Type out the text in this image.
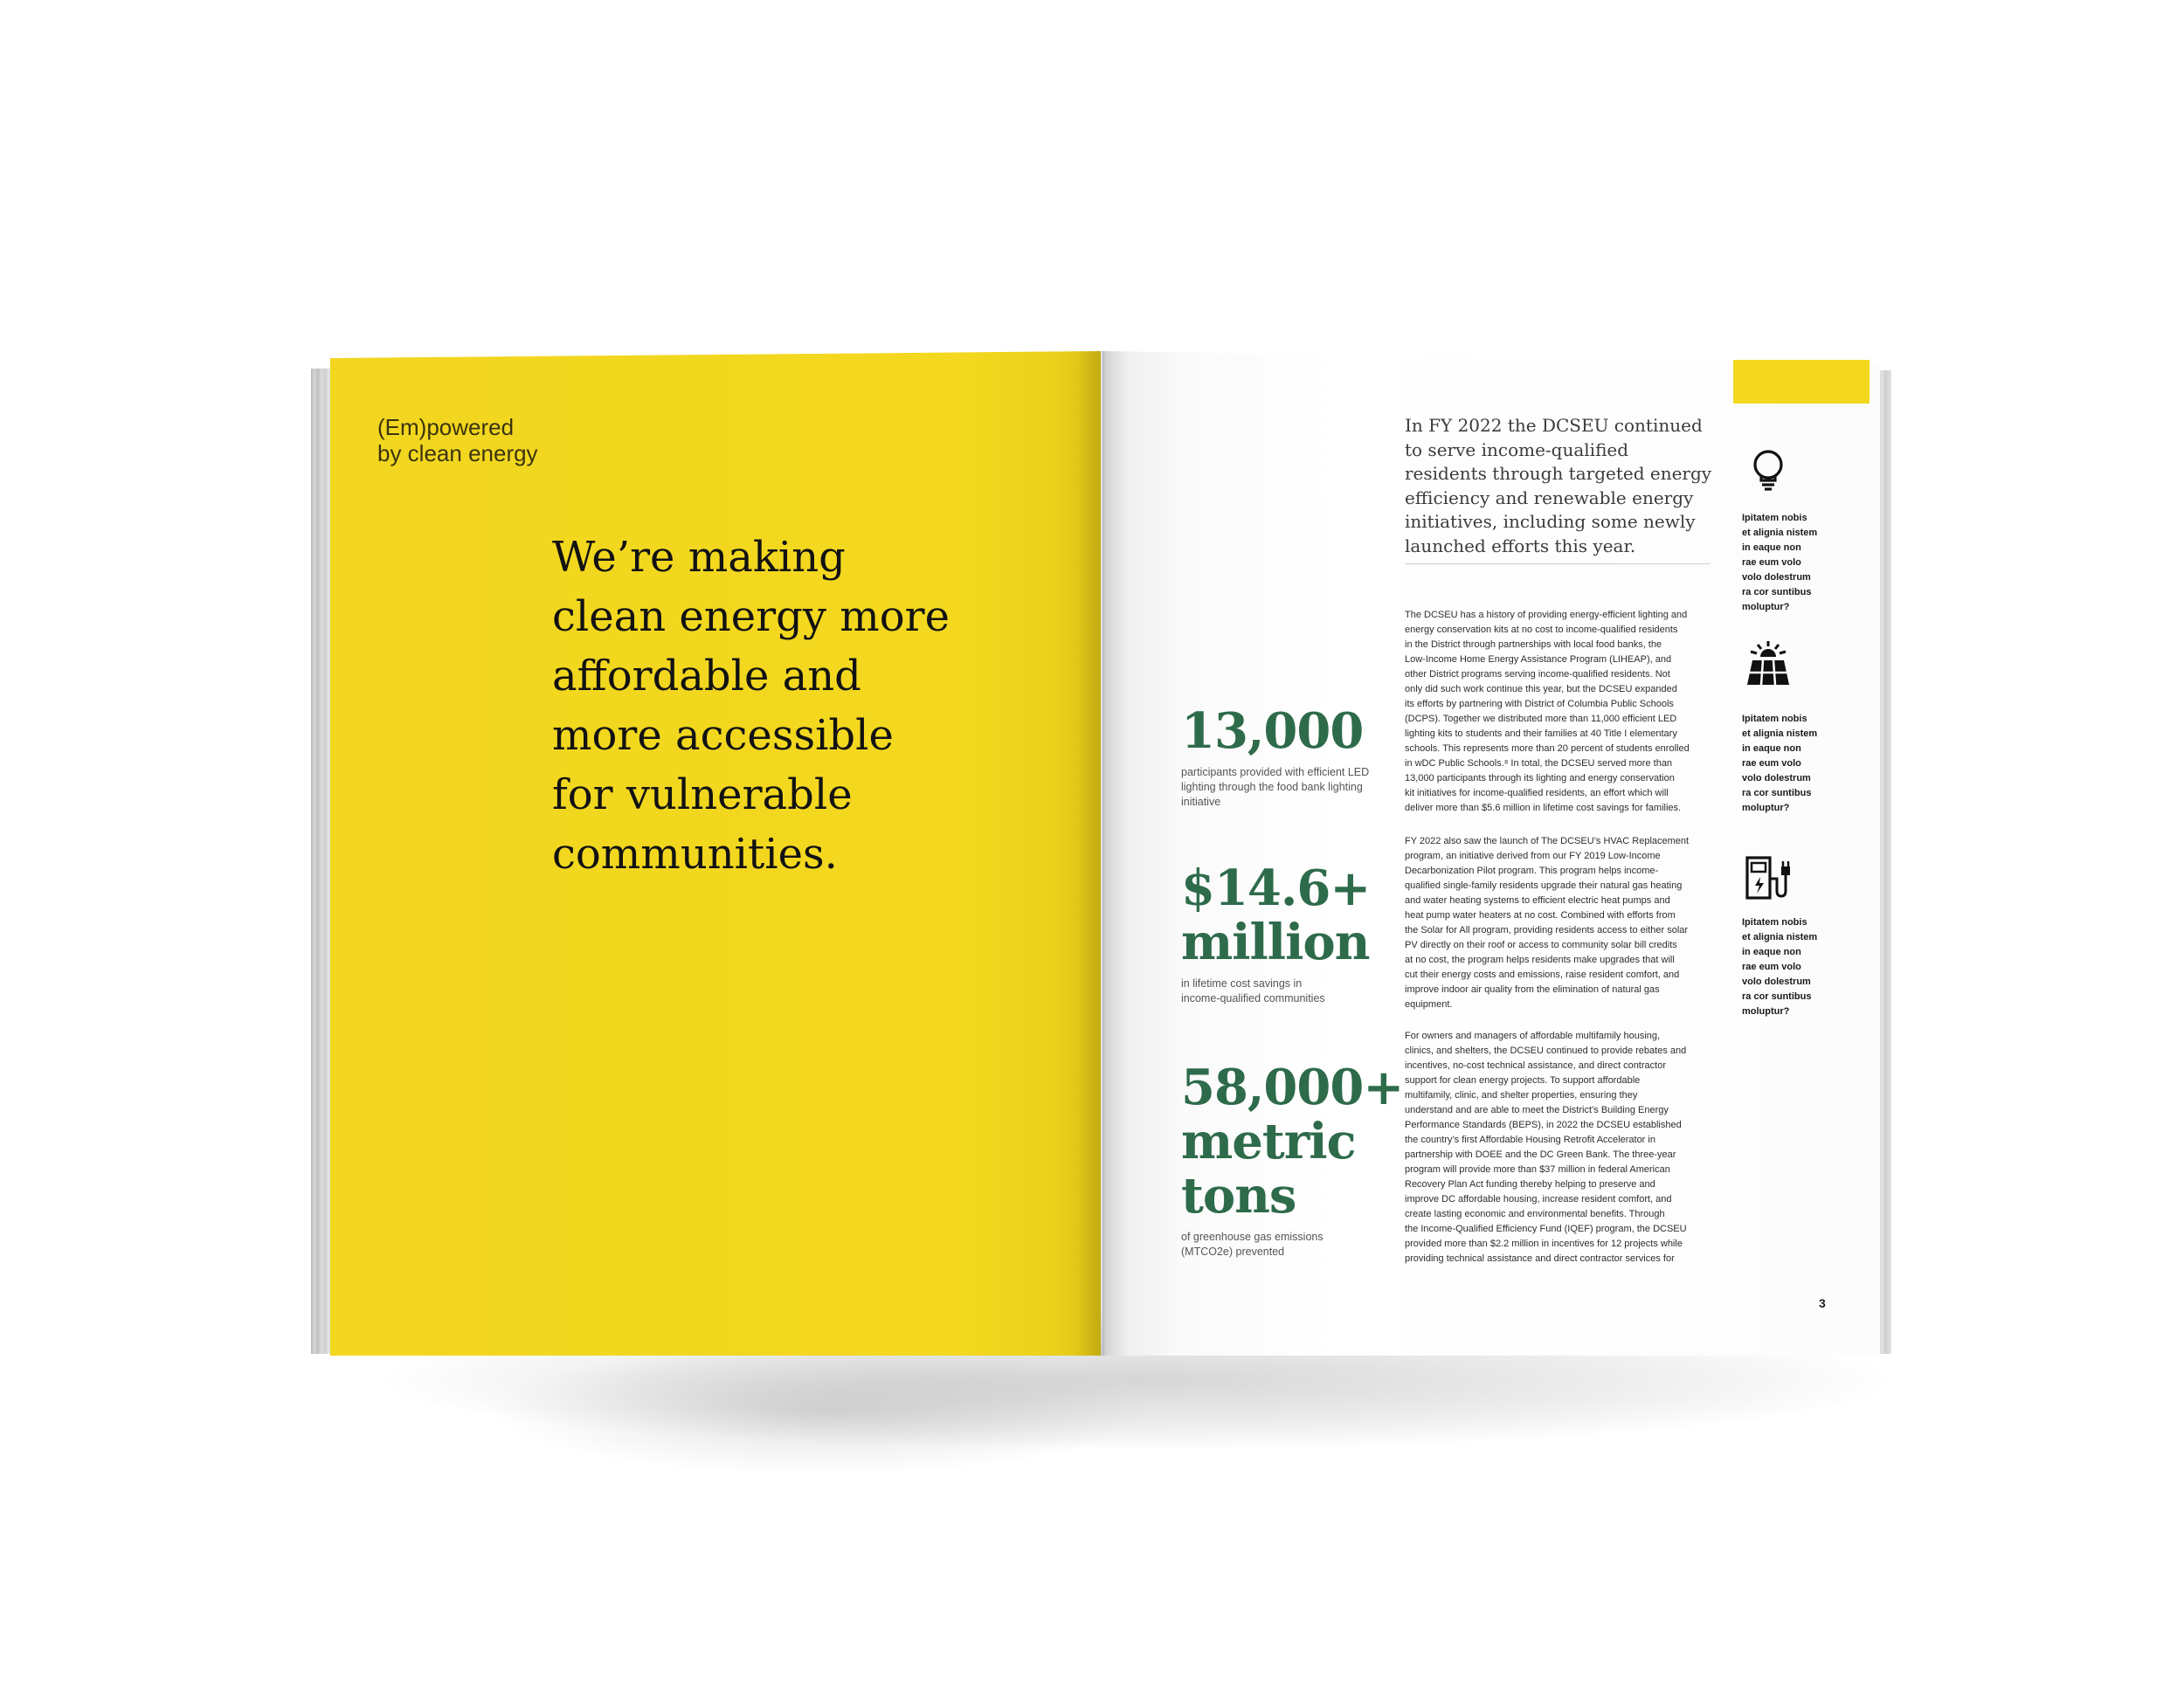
(Em)powered
by clean energy
We’re making
clean energy more
affordable and
more accessible
for vulnerable
communities.
In FY 2022 the DCSEU continued
to serve income-qualified
residents through targeted energy
efficiency and renewable energy
initiatives, including some newly
launched efforts this year.
The DCSEU has a history of providing energy-efficient lighting and
energy conservation kits at no cost to income-qualified residents
in the District through partnerships with local food banks, the
Low-Income Home Energy Assistance Program (LIHEAP), and
other District programs serving income-qualified residents. Not
only did such work continue this year, but the DCSEU expanded
its efforts by partnering with District of Columbia Public Schools
(DCPS). Together we distributed more than 11,000 efficient LED
lighting kits to students and their families at 40 Title I elementary
schools. This represents more than 20 percent of students enrolled
in wDC Public Schools.⁸ In total, the DCSEU served more than
13,000 participants through its lighting and energy conservation
kit initiatives for income-qualified residents, an effort which will
deliver more than $5.6 million in lifetime cost savings for families.
FY 2022 also saw the launch of The DCSEU’s HVAC Replacement
program, an initiative derived from our FY 2019 Low-Income
Decarbonization Pilot program. This program helps income-
qualified single-family residents upgrade their natural gas heating
and water heating systems to efficient electric heat pumps and
heat pump water heaters at no cost. Combined with efforts from
the Solar for All program, providing residents access to either solar
PV directly on their roof or access to community solar bill credits
at no cost, the program helps residents make upgrades that will
cut their energy costs and emissions, raise resident comfort, and
improve indoor air quality from the elimination of natural gas
equipment.
For owners and managers of affordable multifamily housing,
clinics, and shelters, the DCSEU continued to provide rebates and
incentives, no-cost technical assistance, and direct contractor
support for clean energy projects. To support affordable
multifamily, clinic, and shelter properties, ensuring they
understand and are able to meet the District’s Building Energy
Performance Standards (BEPS), in 2022 the DCSEU established
the country’s first Affordable Housing Retrofit Accelerator in
partnership with DOEE and the DC Green Bank. The three-year
program will provide more than $37 million in federal American
Recovery Plan Act funding thereby helping to preserve and
improve DC affordable housing, increase resident comfort, and
create lasting economic and environmental benefits. Through
the Income-Qualified Efficiency Fund (IQEF) program, the DCSEU
provided more than $2.2 million in incentives for 12 projects while
providing technical assistance and direct contractor services for
13,000
participants provided with efficient LED
lighting through the food bank lighting
initiative
$14.6+
million
in lifetime cost savings in
income-qualified communities
58,000+
metric
tons
of greenhouse gas emissions
(MTCO2e) prevented
Ipitatem nobis
et alignia nistem
in eaque non
rae eum volo
volo dolestrum
ra cor suntibus
moluptur?
Ipitatem nobis
et alignia nistem
in eaque non
rae eum volo
volo dolestrum
ra cor suntibus
moluptur?
Ipitatem nobis
et alignia nistem
in eaque non
rae eum volo
volo dolestrum
ra cor suntibus
moluptur?
3
